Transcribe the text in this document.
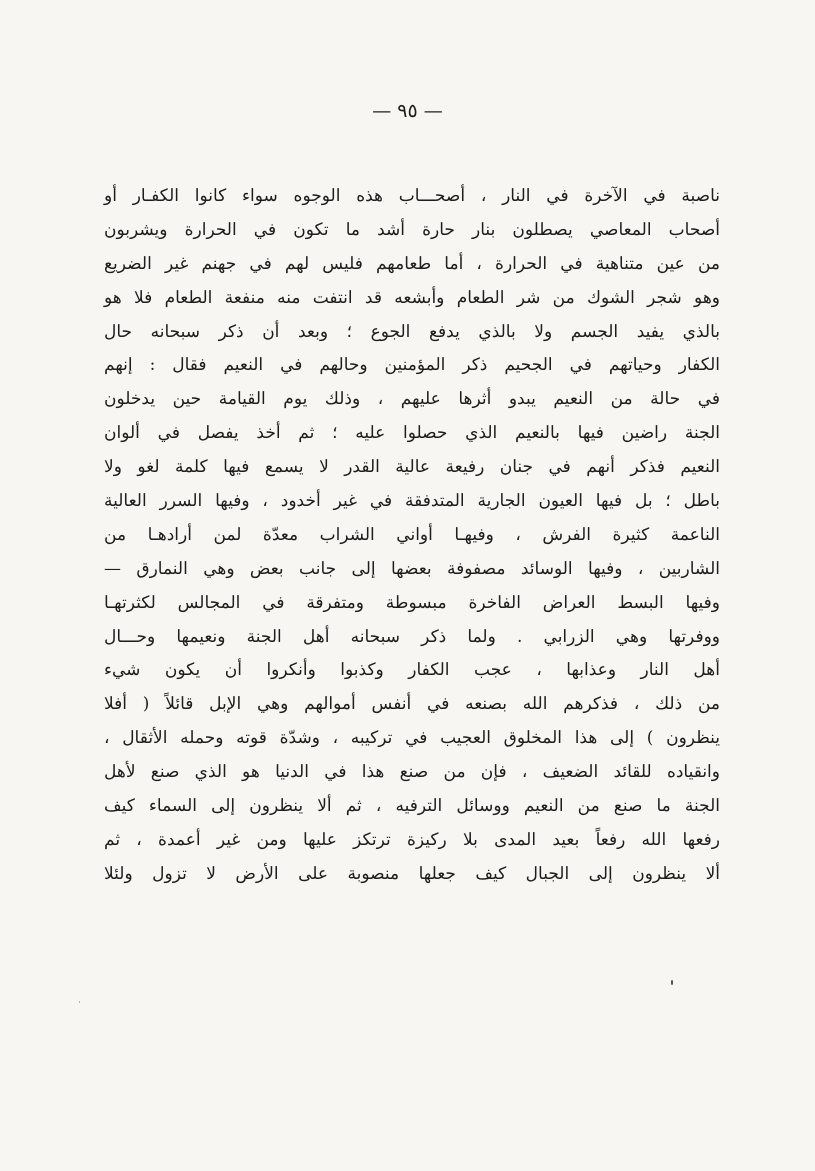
— ٩٥ —
ناصبة في الآخرة في النار ، أصحـــاب هذه الوجوه سواء كانوا الكفـار أو
أصحاب المعاصي يصطلون بنار حارة أشد ما تكون في الحرارة ويشربون
من عين متناهية في الحرارة ، أما طعامهم فليس لهم في جهنم غير الضريع
وهو شجر الشوك من شر الطعام وأبشعه قد انتفت منه منفعة الطعام فلا هو
بالذي يفيد الجسم ولا بالذي يدفع الجوع ؛ وبعد أن ذكر سبحانه حال
الكفار وحياتهم في الجحيم ذكر المؤمنين وحالهم في النعيم فقال : إنهم
في حالة من النعيم يبدو أثرها عليهم ، وذلك يوم القيامة حين يدخلون
الجنة راضين فيها بالنعيم الذي حصلوا عليه ؛ ثم أخذ يفصل في ألوان
النعيم فذكر أنهم في جنان رفيعة عالية القدر لا يسمع فيها كلمة لغو ولا
باطل ؛ بل فيها العيون الجارية المتدفقة في غير أخدود ، وفيها السرر العالية
الناعمة كثيرة الفرش ، وفيهـا أواني الشراب معدّة لمن أرادهـا من
الشاربين ، وفيها الوسائد مصفوفة بعضها إلى جانب بعض وهي النمارق —
وفيها البسط العراض الفاخرة مبسوطة ومتفرقة في المجالس لكثرتهـا
ووفرتها وهي الزرابي . ولما ذكر سبحانه أهل الجنة ونعيمها وحـــال
أهل النار وعذابها ، عجب الكفار وكذبوا وأنكروا أن يكون شيء
من ذلك ، فذكرهم الله بصنعه في أنفس أموالهم وهي الإبل قائلاً ( أفلا
ينظرون ) إلى هذا المخلوق العجيب في تركيبه ، وشدّة قوته وحمله الأثقال ،
وانقياده للقائد الضعيف ، فإن من صنع هذا في الدنيا هو الذي صنع لأهل
الجنة ما صنع من النعيم ووسائل الترفيه ، ثم ألا ينظرون إلى السماء كيف
رفعها الله رفعاً بعيد المدى بلا ركيزة ترتكز عليها ومن غير أعمدة ، ثم
ألا ينظرون إلى الجبال كيف جعلها منصوبة على الأرض لا تزول ولئلا
